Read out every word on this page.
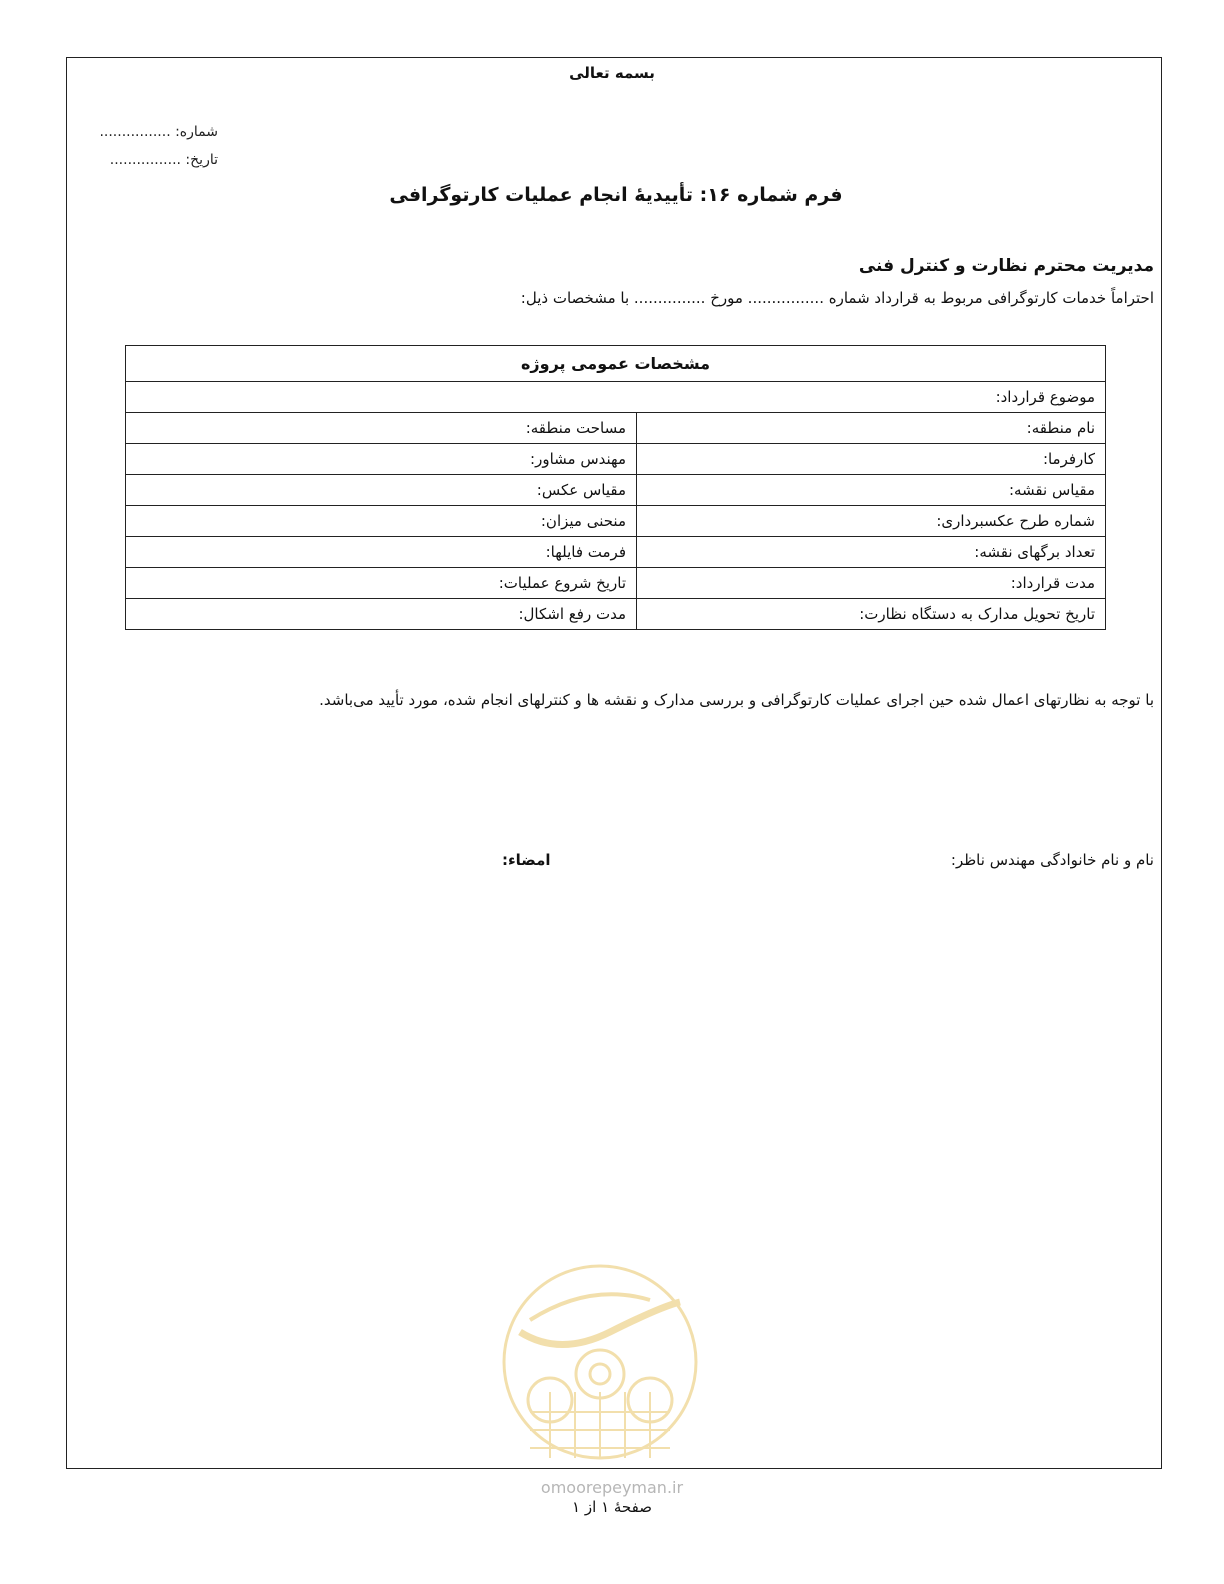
بسمه تعالی
شماره: ................
تاریخ: ................
فرم شماره ۱۶: تأییدیهٔ انجام عملیات کارتوگرافی
مدیریت محترم نظارت و کنترل فنی
احتراماً خدمات کارتوگرافی مربوط به قرارداد شماره ................ مورخ ............... با مشخصات ذیل:
مشخصات عمومی پروژه	
موضوع قرارداد:	
نام منطقه:	مساحت منطقه:
کارفرما:	مهندس مشاور:
مقیاس نقشه:	مقیاس عکس:
شماره طرح عکسبرداری:	منحنی میزان:
تعداد برگهای نقشه:	فرمت فایلها:
مدت قرارداد:	تاریخ شروع عملیات:
تاریخ تحویل مدارک به دستگاه نظارت:	مدت رفع اشکال:
با توجه به نظارتهای اعمال شده حین اجرای عملیات کارتوگرافی و بررسی مدارک و نقشه ها و کنترلهای انجام شده، مورد تأیید می‌باشد.
نام و نام خانوادگی مهندس ناظر:
امضاء:
omoorepeyman.ir
صفحهٔ ۱ از ۱
